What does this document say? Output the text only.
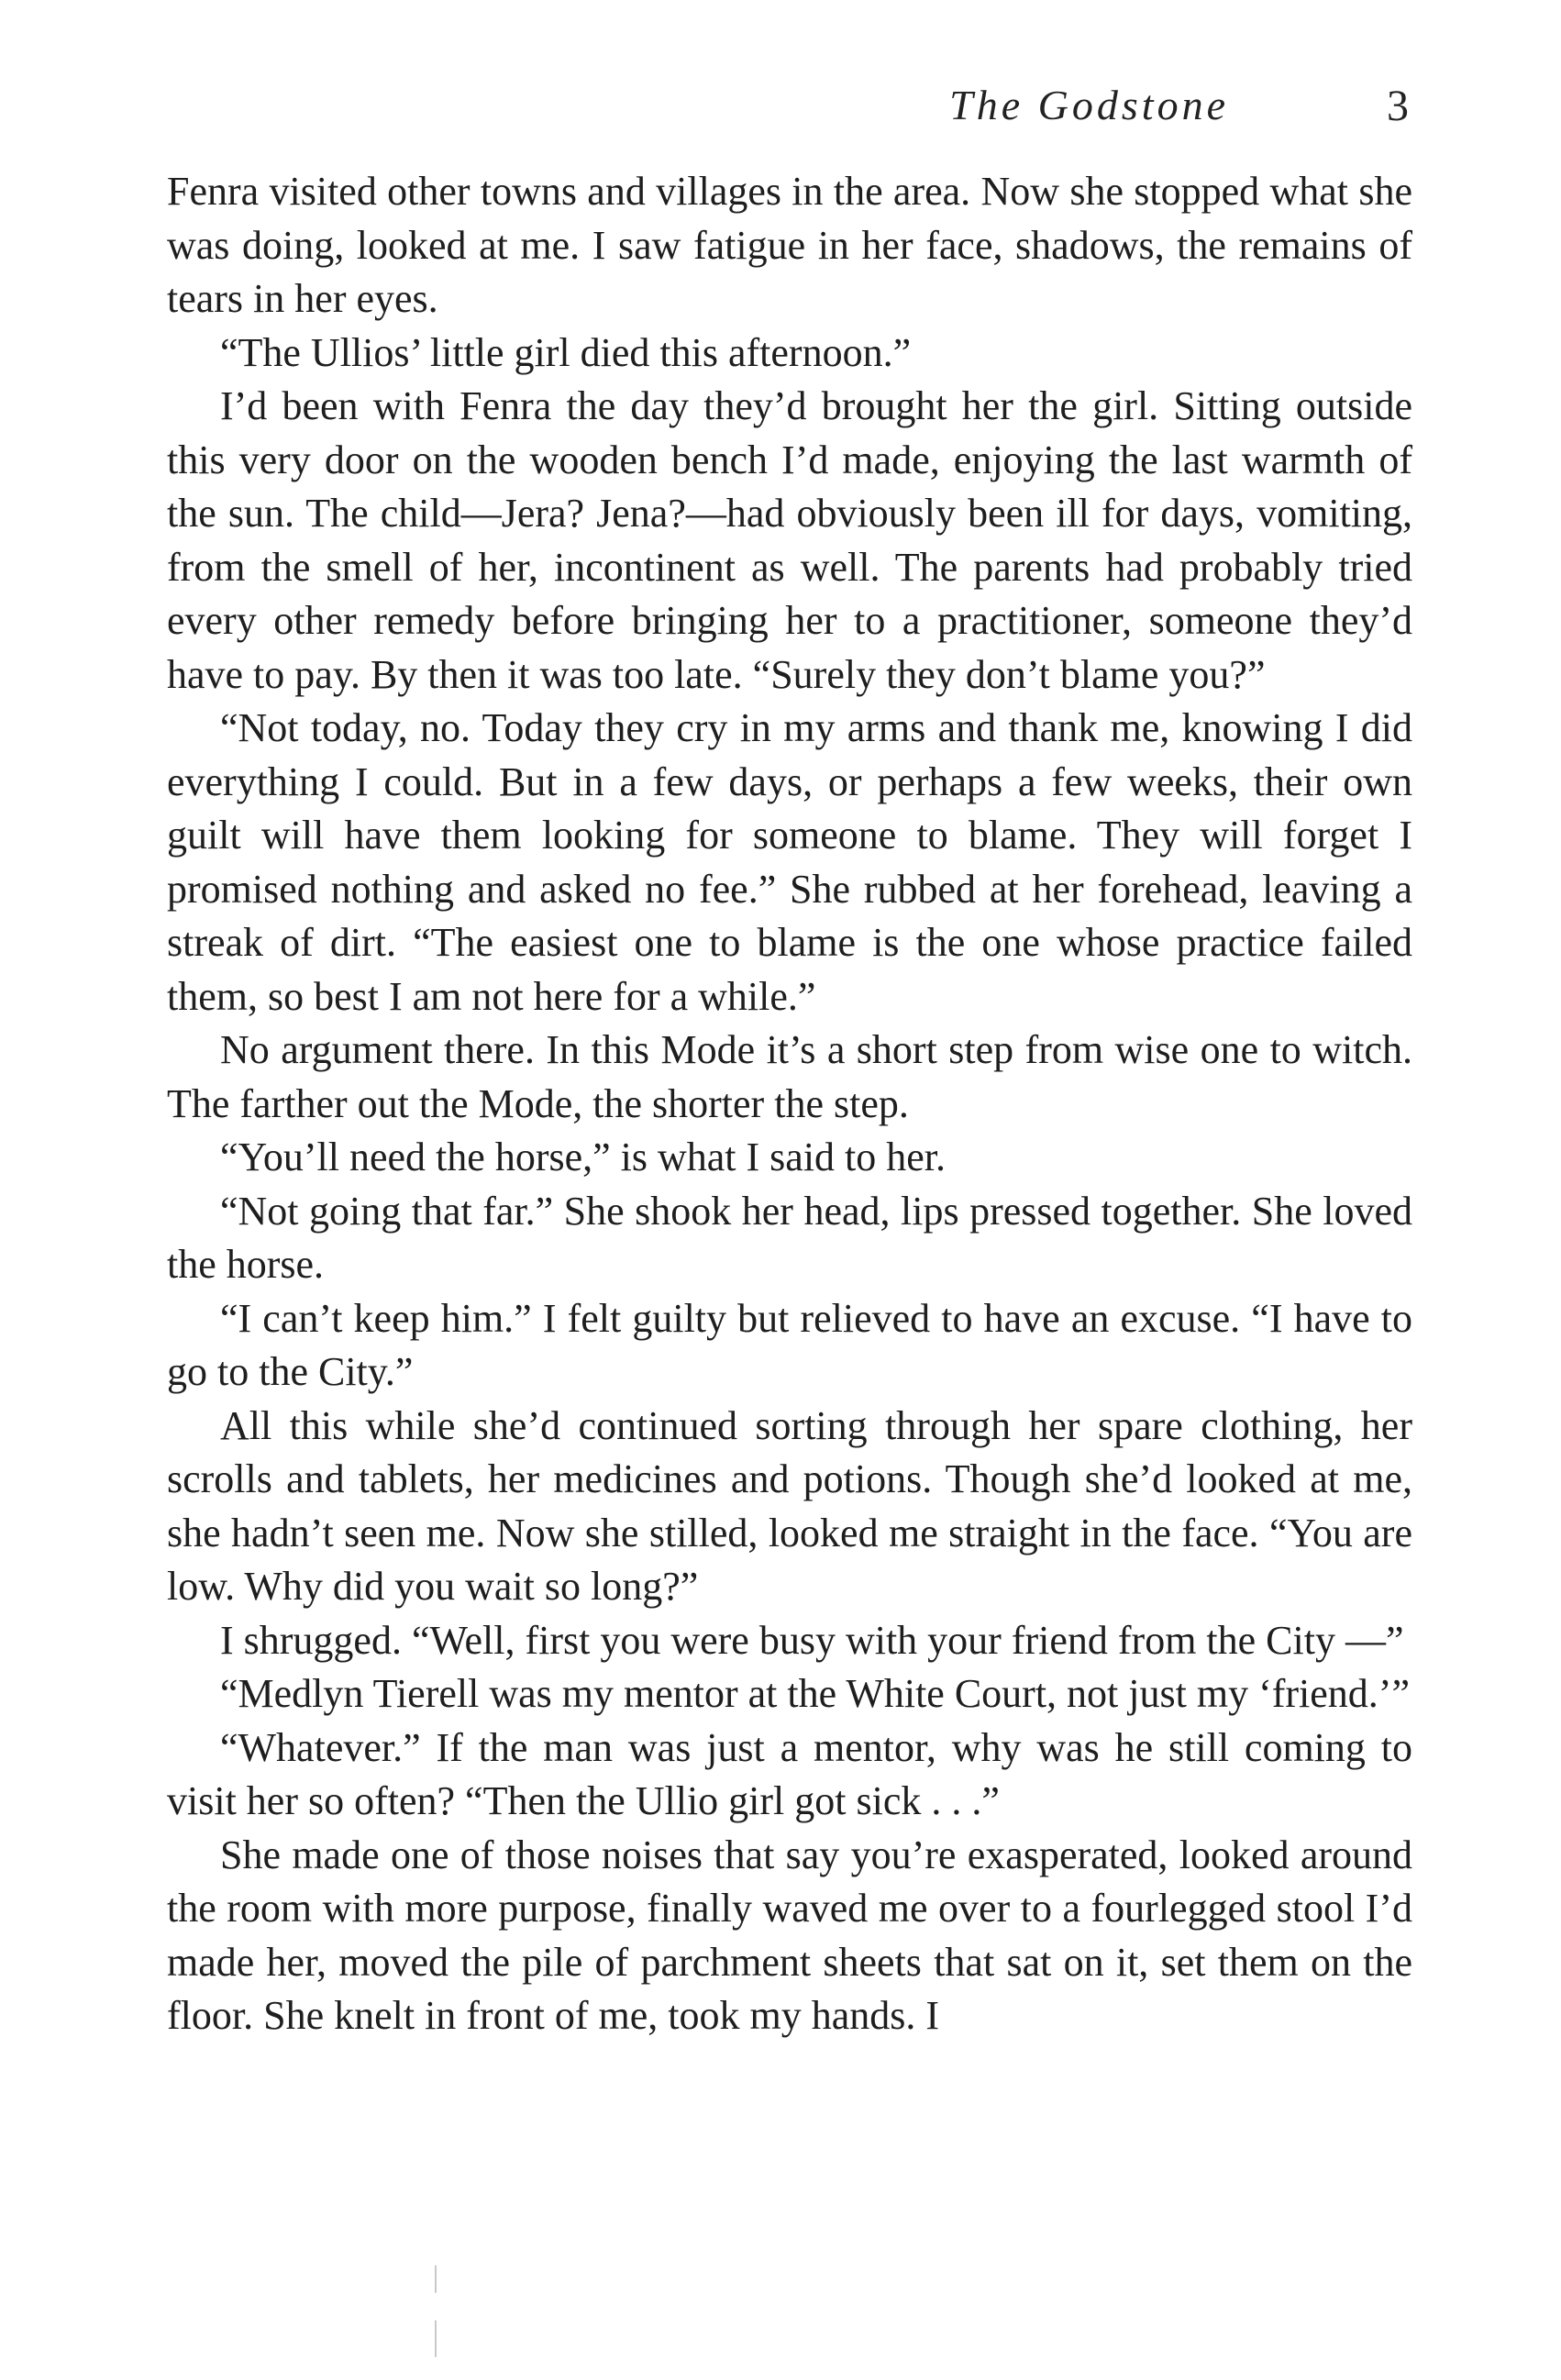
The Godstone	3

Fenra visited other towns and villages in the area. Now she stopped what she was doing, looked at me. I saw fatigue in her face, shadows, the remains of tears in her eyes.

“The Ullios’ little girl died this afternoon.”

I’d been with Fenra the day they’d brought her the girl. Sitting outside this very door on the wooden bench I’d made, enjoying the last warmth of the sun. The child—Jera? Jena?—had obviously been ill for days, vomiting, from the smell of her, incontinent as well. The parents had probably tried every other remedy before bringing her to a practitioner, someone they’d have to pay. By then it was too late. “Surely they don’t blame you?”

“Not today, no. Today they cry in my arms and thank me, knowing I did everything I could. But in a few days, or perhaps a few weeks, their own guilt will have them looking for someone to blame. They will forget I promised nothing and asked no fee.” She rubbed at her forehead, leaving a streak of dirt. “The easiest one to blame is the one whose practice failed them, so best I am not here for a while.”

No argument there. In this Mode it’s a short step from wise one to witch. The farther out the Mode, the shorter the step.

“You’ll need the horse,” is what I said to her.

“Not going that far.” She shook her head, lips pressed together. She loved the horse.

“I can’t keep him.” I felt guilty but relieved to have an excuse. “I have to go to the City.”

All this while she’d continued sorting through her spare clothing, her scrolls and tablets, her medicines and potions. Though she’d looked at me, she hadn’t seen me. Now she stilled, looked me straight in the face. “You are low. Why did you wait so long?”

I shrugged. “Well, first you were busy with your friend from the City —”

“Medlyn Tierell was my mentor at the White Court, not just my ‘friend.’”

“Whatever.” If the man was just a mentor, why was he still coming to visit her so often? “Then the Ullio girl got sick . . .”

She made one of those noises that say you’re exasperated, looked around the room with more purpose, finally waved me over to a fourlegged stool I’d made her, moved the pile of parchment sheets that sat on it, set them on the floor. She knelt in front of me, took my hands. I
